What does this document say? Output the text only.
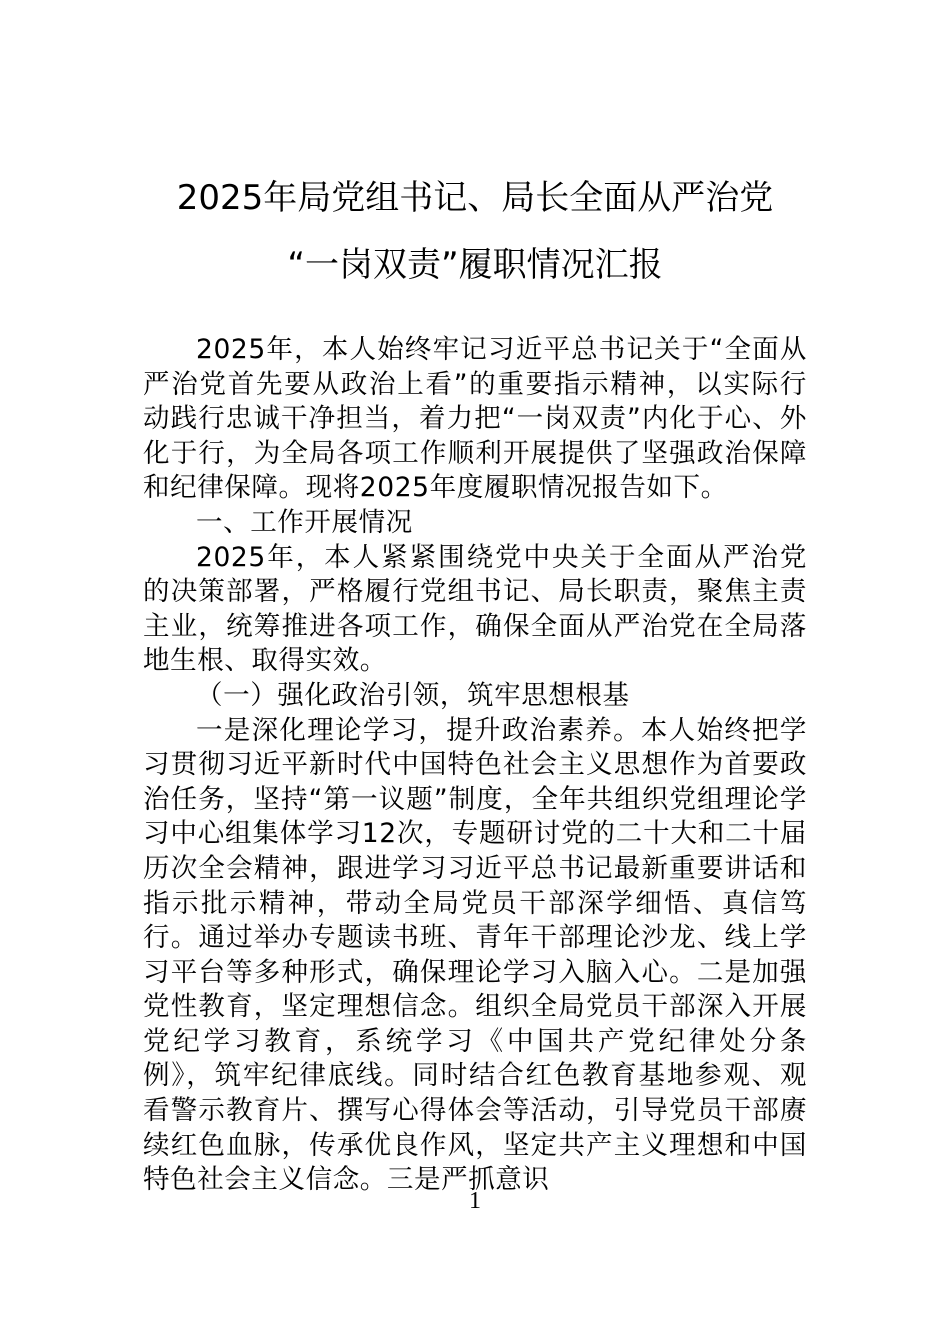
2025年局党组书记、局长全面从严治党
“一岗双责”履职情况汇报

2025年，本人始终牢记习近平总书记关于“全面从严治党首先要从政治上看”的重要指示精神，以实际行动践行忠诚干净担当，着力把“一岗双责”内化于心、外化于行，为全局各项工作顺利开展提供了坚强政治保障和纪律保障。现将2025年度履职情况报告如下。

一、工作开展情况

2025年，本人紧紧围绕党中央关于全面从严治党的决策部署，严格履行党组书记、局长职责，聚焦主责主业，统筹推进各项工作，确保全面从严治党在全局落地生根、取得实效。

（一）强化政治引领，筑牢思想根基

一是深化理论学习，提升政治素养。本人始终把学习贯彻习近平新时代中国特色社会主义思想作为首要政治任务，坚持“第一议题”制度，全年共组织党组理论学习中心组集体学习12次，专题研讨党的二十大和二十届历次全会精神，跟进学习习近平总书记最新重要讲话和指示批示精神，带动全局党员干部深学细悟、真信笃行。通过举办专题读书班、青年干部理论沙龙、线上学习平台等多种形式，确保理论学习入脑入心。二是加强党性教育，坚定理想信念。组织全局党员干部深入开展党纪学习教育，系统学习《中国共产党纪律处分条例》，筑牢纪律底线。同时结合红色教育基地参观、观看警示教育片、撰写心得体会等活动，引导党员干部赓续红色血脉，传承优良作风，坚定共产主义理想和中国特色社会主义信念。三是严抓意识

1
